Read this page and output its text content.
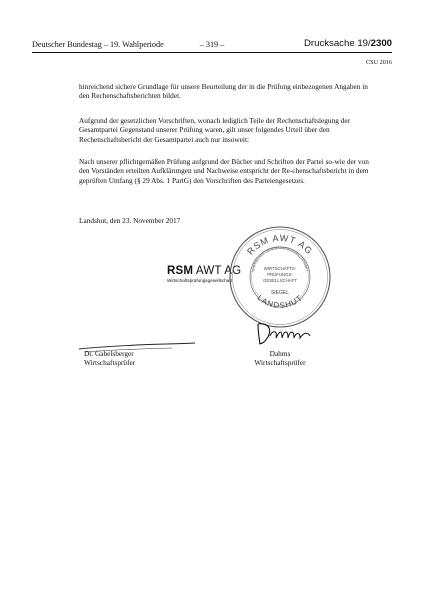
Deutscher Bundestag – 19. Wahlperiode	– 319 –	Drucksache 19/2300
CSU 2016
hinreichend sichere Grundlage für unsere Beurteilung der in die Prüfung einbezogenen Angaben in den Rechenschaftsberichten bildet.
Aufgrund der gesetzlichen Vorschriften, wonach lediglich Teile der Rechenschaftslegung der Gesamtpartei Gegenstand unserer Prüfung waren, gilt unser folgendes Urteil über den Rechenschaftsbericht der Gesamtpartei auch nur insoweit:
Nach unserer pflichtgemäßen Prüfung aufgrund der Bücher und Schriften der Partei so-wie der von den Vorständen erteilten Aufklärungen und Nachweise entspricht der Re-chenschaftsbericht in dem geprüften Umfang (§ 29 Abs. 1 PartG) den Vorschriften des Parteiengesetzes.
Landshut, den 23. November 2017
RSM AWT AG
Wirtschaftsprüfungsgesellschaft
RSM AWT AG
WIRTSCHAFTSPRÜFUNGSGESELLSCHAFT
WIRTSCHAFTS-
PRÜFUNGS-
GESELLSCHAFT
SIEGEL
LANDSHUT
Dr. Gabelsberger
Wirtschaftsprüfer
Dahms
Wirtschaftsprüfer
